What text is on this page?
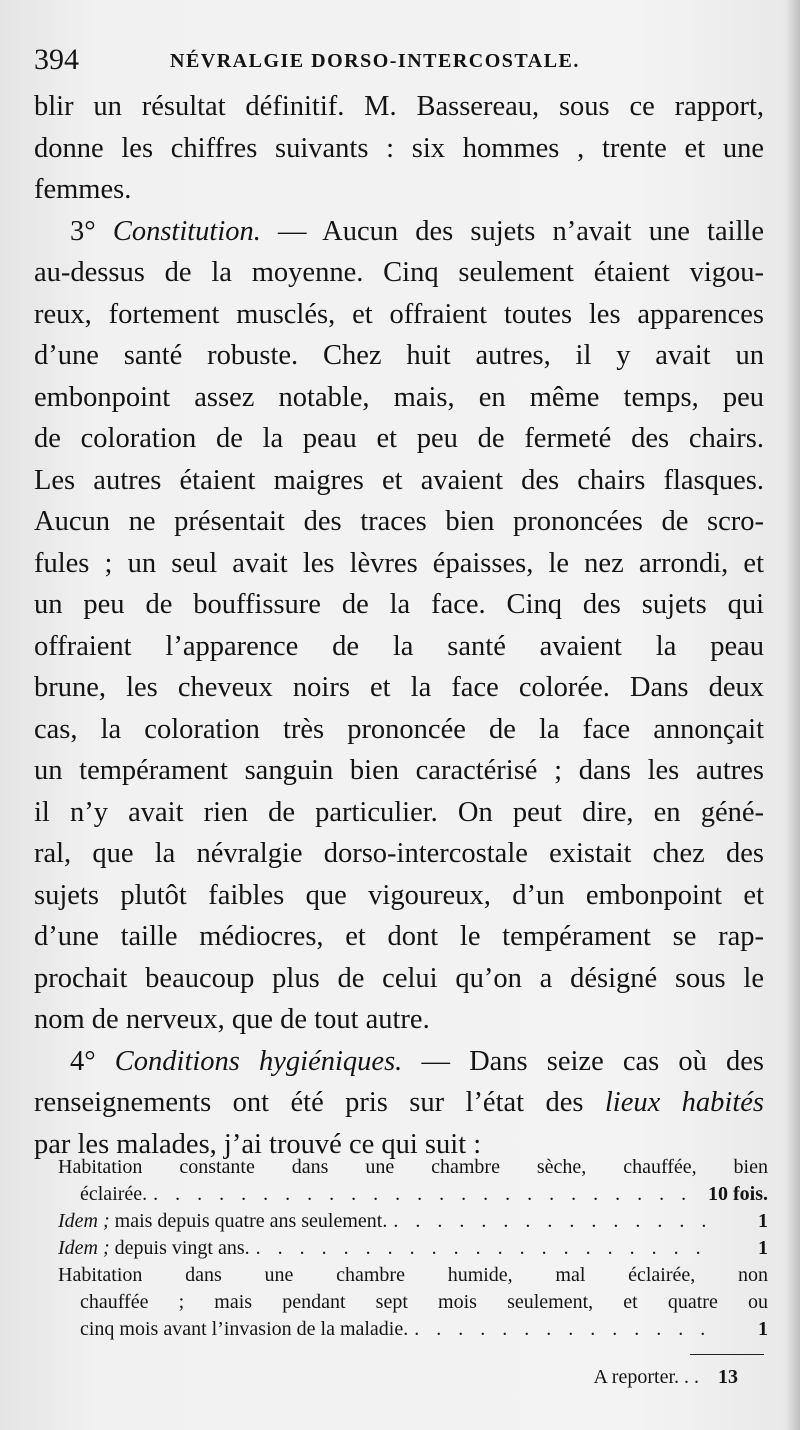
394	NÉVRALGIE DORSO-INTERCOSTALE.
blir un résultat définitif. M. Bassereau, sous ce rapport,
donne les chiffres suivants : six hommes , trente et une
femmes.
3° Constitution. — Aucun des sujets n’avait une taille
au-dessus de la moyenne. Cinq seulement étaient vigou-
reux, fortement musclés, et offraient toutes les apparences
d’une santé robuste. Chez huit autres, il y avait un
embonpoint assez notable, mais, en même temps, peu
de coloration de la peau et peu de fermeté des chairs.
Les autres étaient maigres et avaient des chairs flasques.
Aucun ne présentait des traces bien prononcées de scro-
fules ; un seul avait les lèvres épaisses, le nez arrondi, et
un peu de bouffissure de la face. Cinq des sujets qui
offraient l’apparence de la santé avaient la peau
brune, les cheveux noirs et la face colorée. Dans deux
cas, la coloration très prononcée de la face annonçait
un tempérament sanguin bien caractérisé ; dans les autres
il n’y avait rien de particulier. On peut dire, en géné-
ral, que la névralgie dorso-intercostale existait chez des
sujets plutôt faibles que vigoureux, d’un embonpoint et
d’une taille médiocres, et dont le tempérament se rap-
prochait beaucoup plus de celui qu’on a désigné sous le
nom de nerveux, que de tout autre.
4° Conditions hygiéniques. — Dans seize cas où des
renseignements ont été pris sur l’état des lieux habités
par les malades, j’ai trouvé ce qui suit :
Habitation constante dans une chambre sèche, chauffée, bien
éclairée. . . .	10 fois.
Idem ; mais depuis quatre ans seulement. . . .	1
Idem ; depuis vingt ans. . . .	1
Habitation dans une chambre humide, mal éclairée, non
chauffée ; mais pendant sept mois seulement, et quatre ou
cinq mois avant l’invasion de la maladie. . . .	1
A reporter. . . 13
